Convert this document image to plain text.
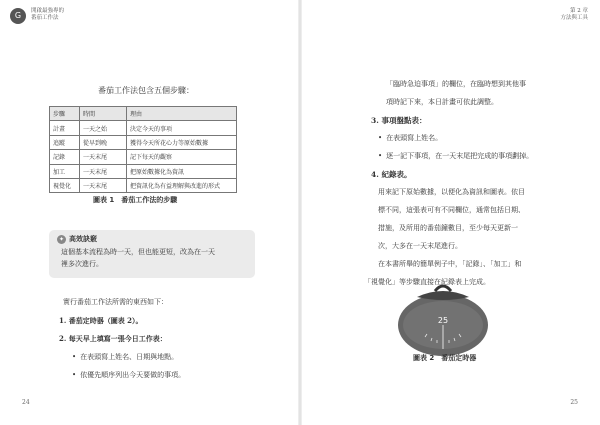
G	開啟最強專的
番茄工作法
第 2 章
方法與工具
番茄工作法包含五個步驟：
步驟	時間	理由
計畫	一天之始	決定今天的事項
追蹤	從早到晚	獲得今天所花心力等原始數據
記錄	一天末尾	記下每天的觀察
加工	一天末尾	把原始數據化為資訊
視覺化	一天末尾	把資訊化為有益理解與改進的形式
圖表 1　番茄工作法的步驟
✦ 高效訣竅
這個基本流程為時一天，但也能更短，改為在一天
裡多次進行。
實行番茄工作法所需的東西如下：
1. 番茄定時器（圖表 2）。
2. 每天早上填寫一張今日工作表：
• 在表頭寫上姓名、日期與地點。
• 依優先順序列出今天要做的事項。
24
「臨時急迫事項」的欄位，在臨時想到其他事
項時記下來，本日計畫可依此調整。
3. 事項盤點表：
• 在表頭寫上姓名。
• 逐一記下事項，在一天末尾把完成的事項劃掉。
4. 紀錄表。
用來記下原始數據，以便化為資訊和圖表。依目
標不同，這張表可有不同欄位，通常包括日期、
措施，及所用的番茄鐘數目，至少每天更新一
次，大多在一天末尾進行。
在本書所舉的簡單例子中，「記錄」、「加工」和
25
圖表 2　番茄定時器
25
「視覺化」等步驟直接在紀錄表上完成。
